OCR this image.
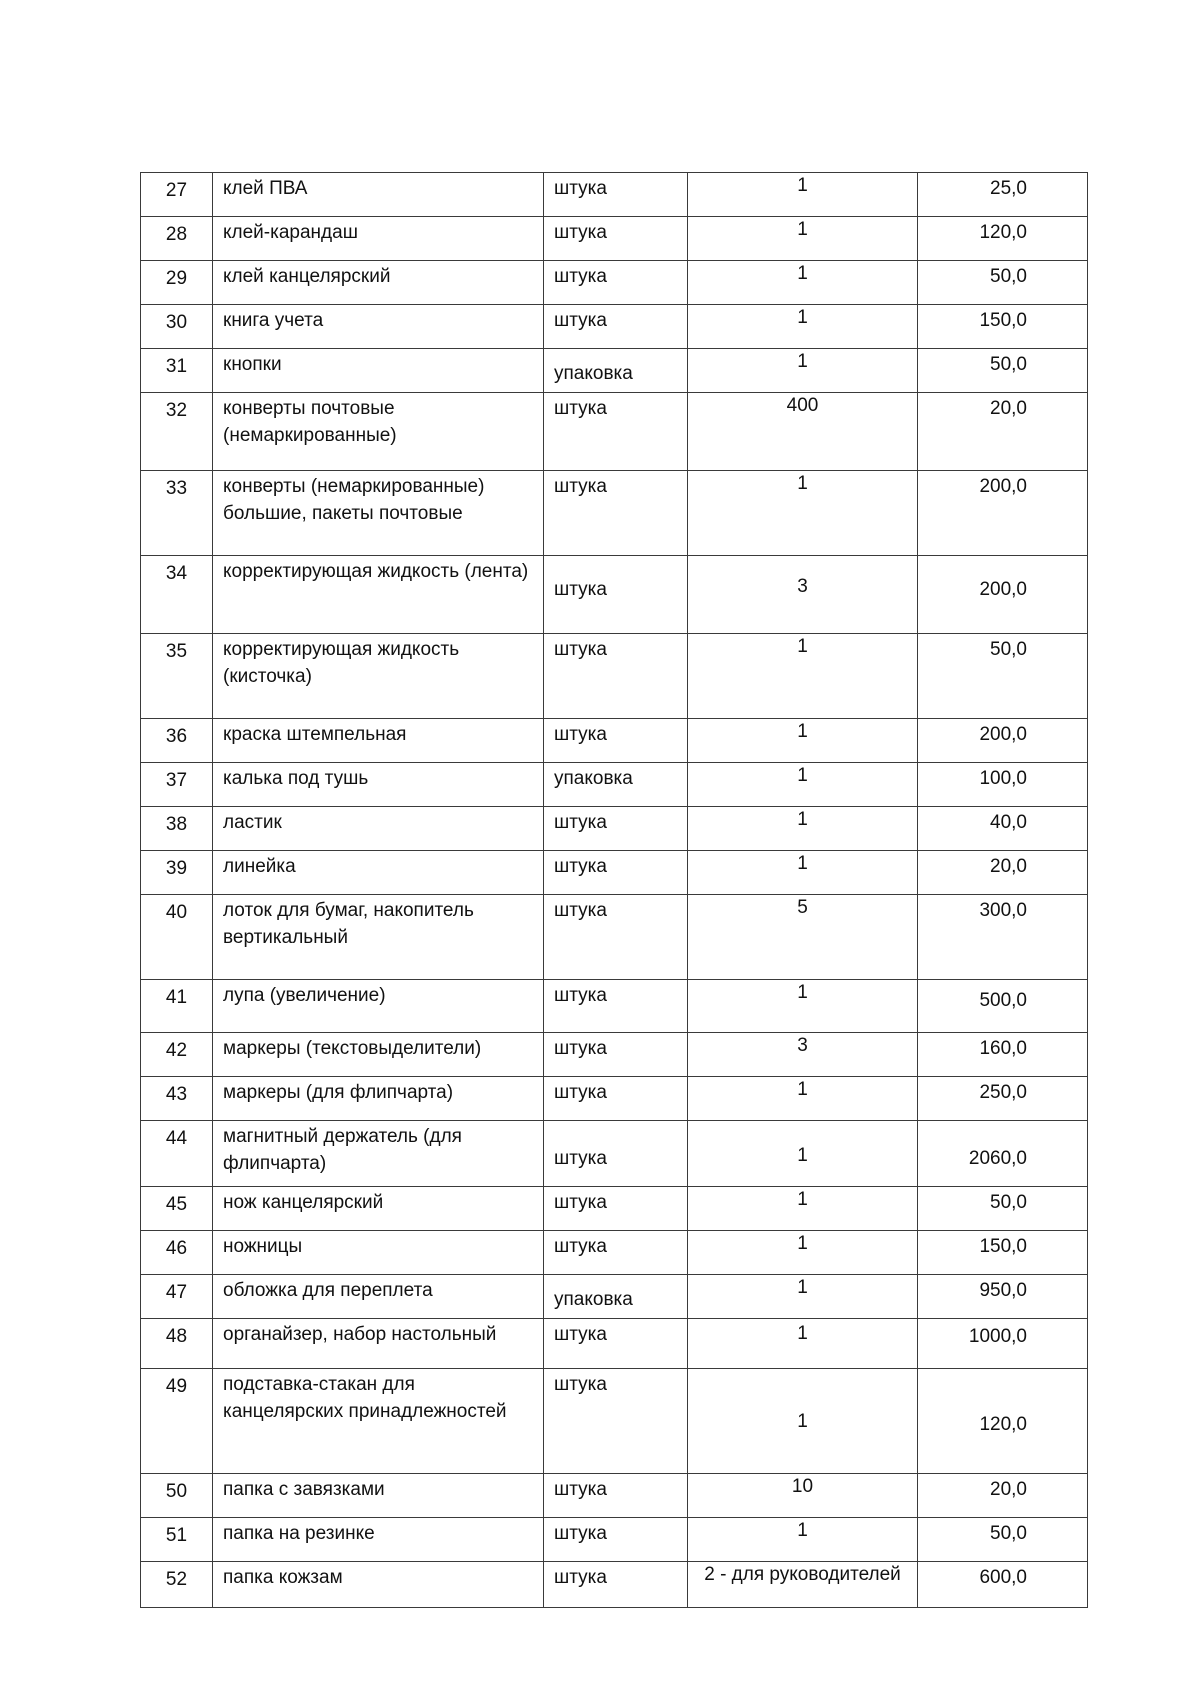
27	клей ПВА	штука	1	25,0
28	клей-карандаш	штука	1	120,0
29	клей канцелярский	штука	1	50,0
30	книга учета	штука	1	150,0
31	кнопки	упаковка	1	50,0
32	конверты почтовые (немаркированные)	штука	400	20,0
33	конверты (немаркированные) большие, пакеты почтовые	штука	1	200,0
34	корректирующая жидкость (лента)	штука	3	200,0
35	корректирующая жидкость (кисточка)	штука	1	50,0
36	краска штемпельная	штука	1	200,0
37	калька под тушь	упаковка	1	100,0
38	ластик	штука	1	40,0
39	линейка	штука	1	20,0
40	лоток для бумаг, накопитель вертикальный	штука	5	300,0
41	лупа (увеличение)	штука	1	500,0
42	маркеры (текстовыделители)	штука	3	160,0
43	маркеры (для флипчарта)	штука	1	250,0
44	магнитный держатель (для флипчарта)	штука	1	2060,0
45	нож канцелярский	штука	1	50,0
46	ножницы	штука	1	150,0
47	обложка для переплета	упаковка	1	950,0
48	органайзер, набор настольный	штука	1	1000,0
49	подставка-стакан для канцелярских принадлежностей	штука	1	120,0
50	папка с завязками	штука	10	20,0
51	папка на резинке	штука	1	50,0
52	папка кожзам	штука	2 - для руководителей	600,0
